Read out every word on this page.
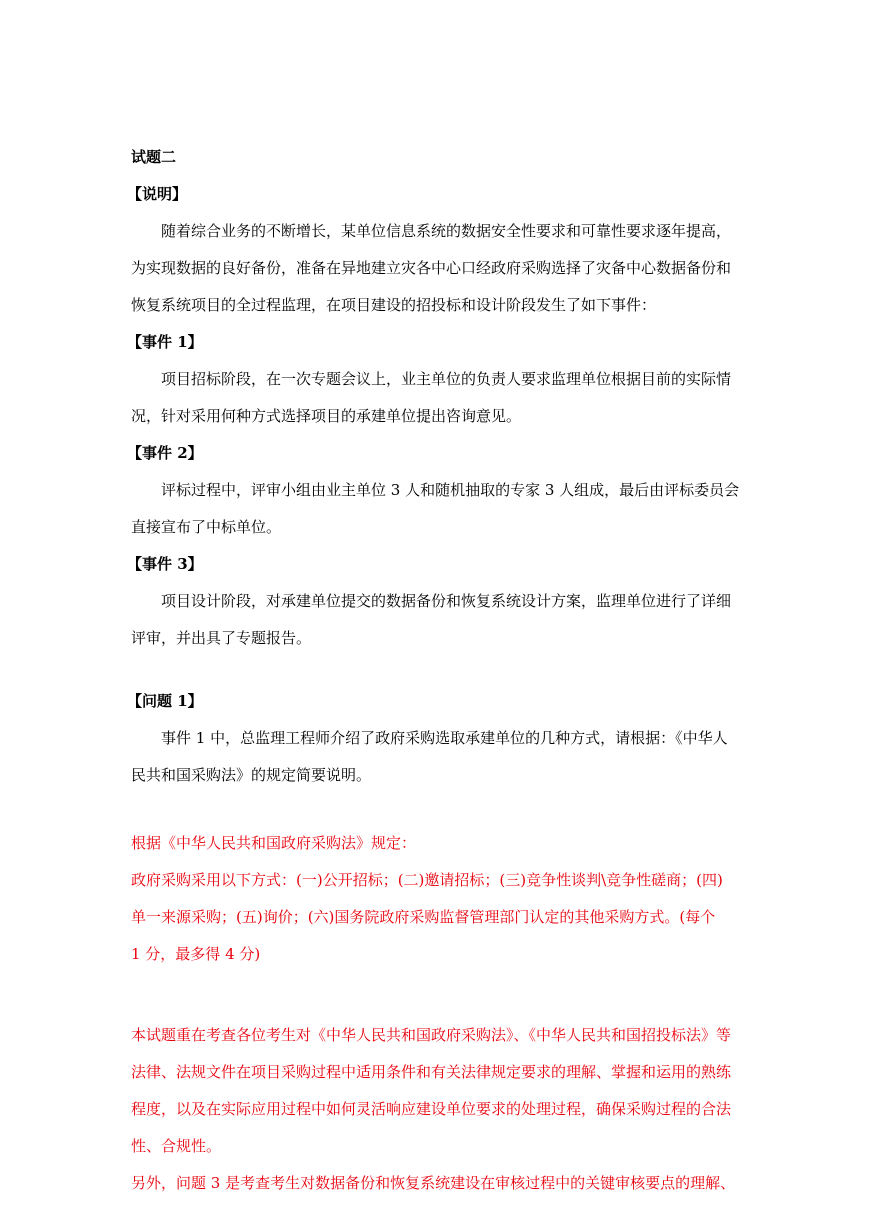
试题二

【说明】

随着综合业务的不断增长，某单位信息系统的数据安全性要求和可靠性要求逐年提高，

为实现数据的良好备份，准备在异地建立灾各中心口经政府采购选择了灾备中心数据备份和

恢复系统项目的全过程监理，在项目建设的招投标和设计阶段发生了如下事件：

【事件 1】

项目招标阶段，在一次专题会议上，业主单位的负责人要求监理单位根据目前的实际情

况，针对采用何种方式选择项目的承建单位提出咨询意见。

【事件 2】

评标过程中，评审小组由业主单位 3 人和随机抽取的专家 3 人组成，最后由评标委员会

直接宣布了中标单位。

【事件 3】

项目设计阶段，对承建单位提交的数据备份和恢复系统设计方案，监理单位进行了详细

评审，并出具了专题报告。

【问题 1】

事件 1 中，总监理工程师介绍了政府采购选取承建单位的几种方式，请根据：《中华人

民共和国采购法》的规定简要说明。

根据《中华人民共和国政府采购法》规定：

政府采购采用以下方式：(一)公开招标；(二)邀请招标；(三)竞争性谈判\竞争性磋商；(四)

单一来源采购；(五)询价；(六)国务院政府采购监督管理部门认定的其他采购方式。(每个

1 分，最多得 4 分)

本试题重在考查各位考生对《中华人民共和国政府采购法》、《中华人民共和国招投标法》等

法律、法规文件在项目采购过程中适用条件和有关法律规定要求的理解、掌握和运用的熟练

程度，以及在实际应用过程中如何灵活响应建设单位要求的处理过程，确保采购过程的合法

性、合规性。

另外，问题 3 是考查考生对数据备份和恢复系统建设在审核过程中的关键审核要点的理解、
